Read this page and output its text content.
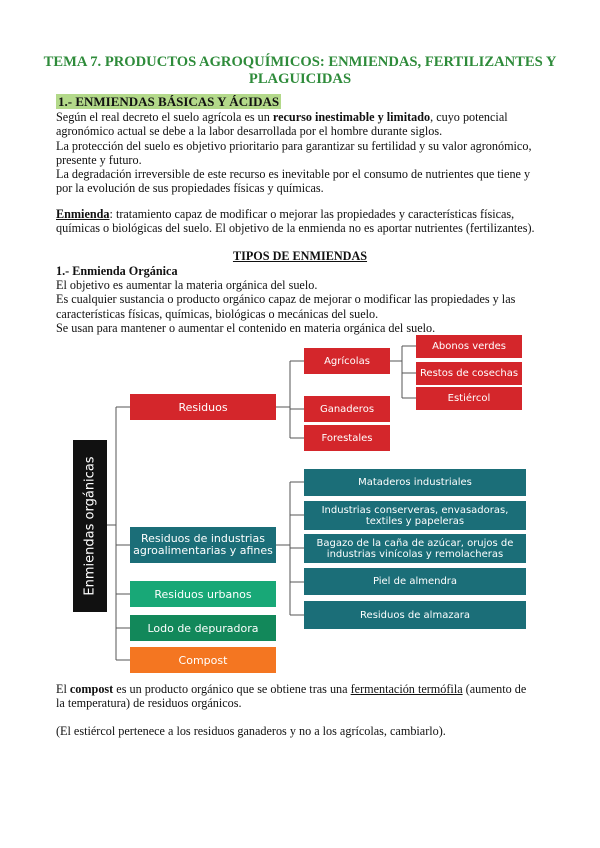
TEMA 7. PRODUCTOS AGROQUÍMICOS: ENMIENDAS, FERTILIZANTES Y PLAGUICIDAS
1.- ENMIENDAS BÁSICAS Y ÁCIDAS
Según el real decreto el suelo agrícola es un recurso inestimable y limitado, cuyo potencial agronómico actual se debe a la labor desarrollada por el hombre durante siglos.
La protección del suelo es objetivo prioritario para garantizar su fertilidad y su valor agronómico, presente y futuro.
La degradación irreversible de este recurso es inevitable por el consumo de nutrientes que tiene y por la evolución de sus propiedades físicas y químicas.
Enmienda: tratamiento capaz de modificar o mejorar las propiedades y características físicas, químicas o biológicas del suelo. El objetivo de la enmienda no es aportar nutrientes (fertilizantes).
TIPOS DE ENMIENDAS
1.- Enmienda Orgánica
El objetivo es aumentar la materia orgánica del suelo.
Es cualquier sustancia o producto orgánico capaz de mejorar o modificar las propiedades y las características físicas, químicas, biológicas o mecánicas del suelo.
Se usan para mantener o aumentar el contenido en materia orgánica del suelo.
Enmiendas orgánicas
Residuos
Agrícolas
Abonos verdes
Restos de cosechas
Estiércol
Ganaderos
Forestales
Residuos de industrias agroalimentarias y afines
Mataderos industriales
Industrias conserveras, envasadoras, textiles y papeleras
Bagazo de la caña de azúcar, orujos de industrias vinícolas y remolacheras
Piel de almendra
Residuos de almazara
Residuos urbanos
Lodo de depuradora
Compost
El compost es un producto orgánico que se obtiene tras una fermentación termófila (aumento de la temperatura) de residuos orgánicos.
(El estiércol pertenece a los residuos ganaderos y no a los agrícolas, cambiarlo).
